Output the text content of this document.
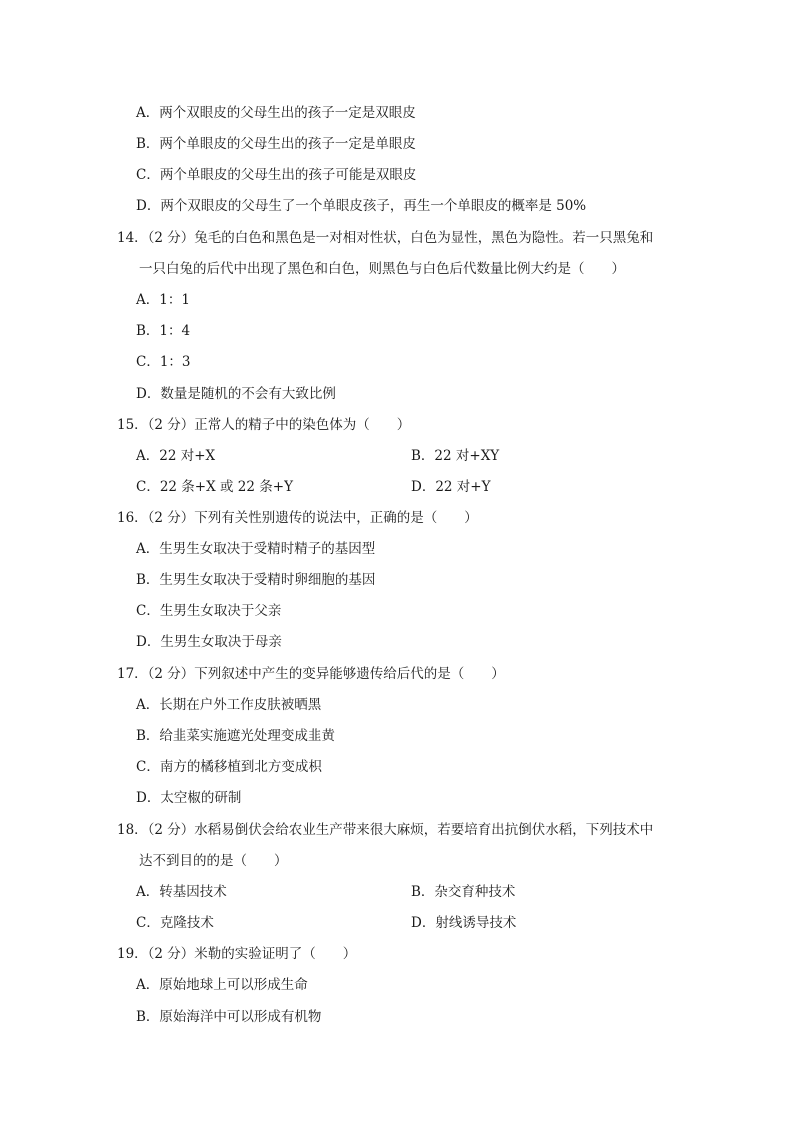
A．两个双眼皮的父母生出的孩子一定是双眼皮
B．两个单眼皮的父母生出的孩子一定是单眼皮
C．两个单眼皮的父母生出的孩子可能是双眼皮
D．两个双眼皮的父母生了一个单眼皮孩子，再生一个单眼皮的概率是 50%
14．（2 分）兔毛的白色和黑色是一对相对性状，白色为显性，黑色为隐性。若一只黑兔和
一只白兔的后代中出现了黑色和白色，则黑色与白色后代数量比例大约是（　　）
A．1：1
B．1：4
C．1：3
D．数量是随机的不会有大致比例
15．（2 分）正常人的精子中的染色体为（　　）
A．22 对+X	B．22 对+XY
C．22 条+X 或 22 条+Y	D．22 对+Y
16．（2 分）下列有关性别遗传的说法中，正确的是（　　）
A．生男生女取决于受精时精子的基因型
B．生男生女取决于受精时卵细胞的基因
C．生男生女取决于父亲
D．生男生女取决于母亲
17．（2 分）下列叙述中产生的变异能够遗传给后代的是（　　）
A．长期在户外工作皮肤被晒黑
B．给韭菜实施遮光处理变成韭黄
C．南方的橘移植到北方变成枳
D．太空椒的研制
18．（2 分）水稻易倒伏会给农业生产带来很大麻烦，若要培育出抗倒伏水稻，下列技术中
达不到目的的是（　　）
A．转基因技术	B．杂交育种技术
C．克隆技术	D．射线诱导技术
19．（2 分）米勒的实验证明了（　　）
A．原始地球上可以形成生命
B．原始海洋中可以形成有机物
